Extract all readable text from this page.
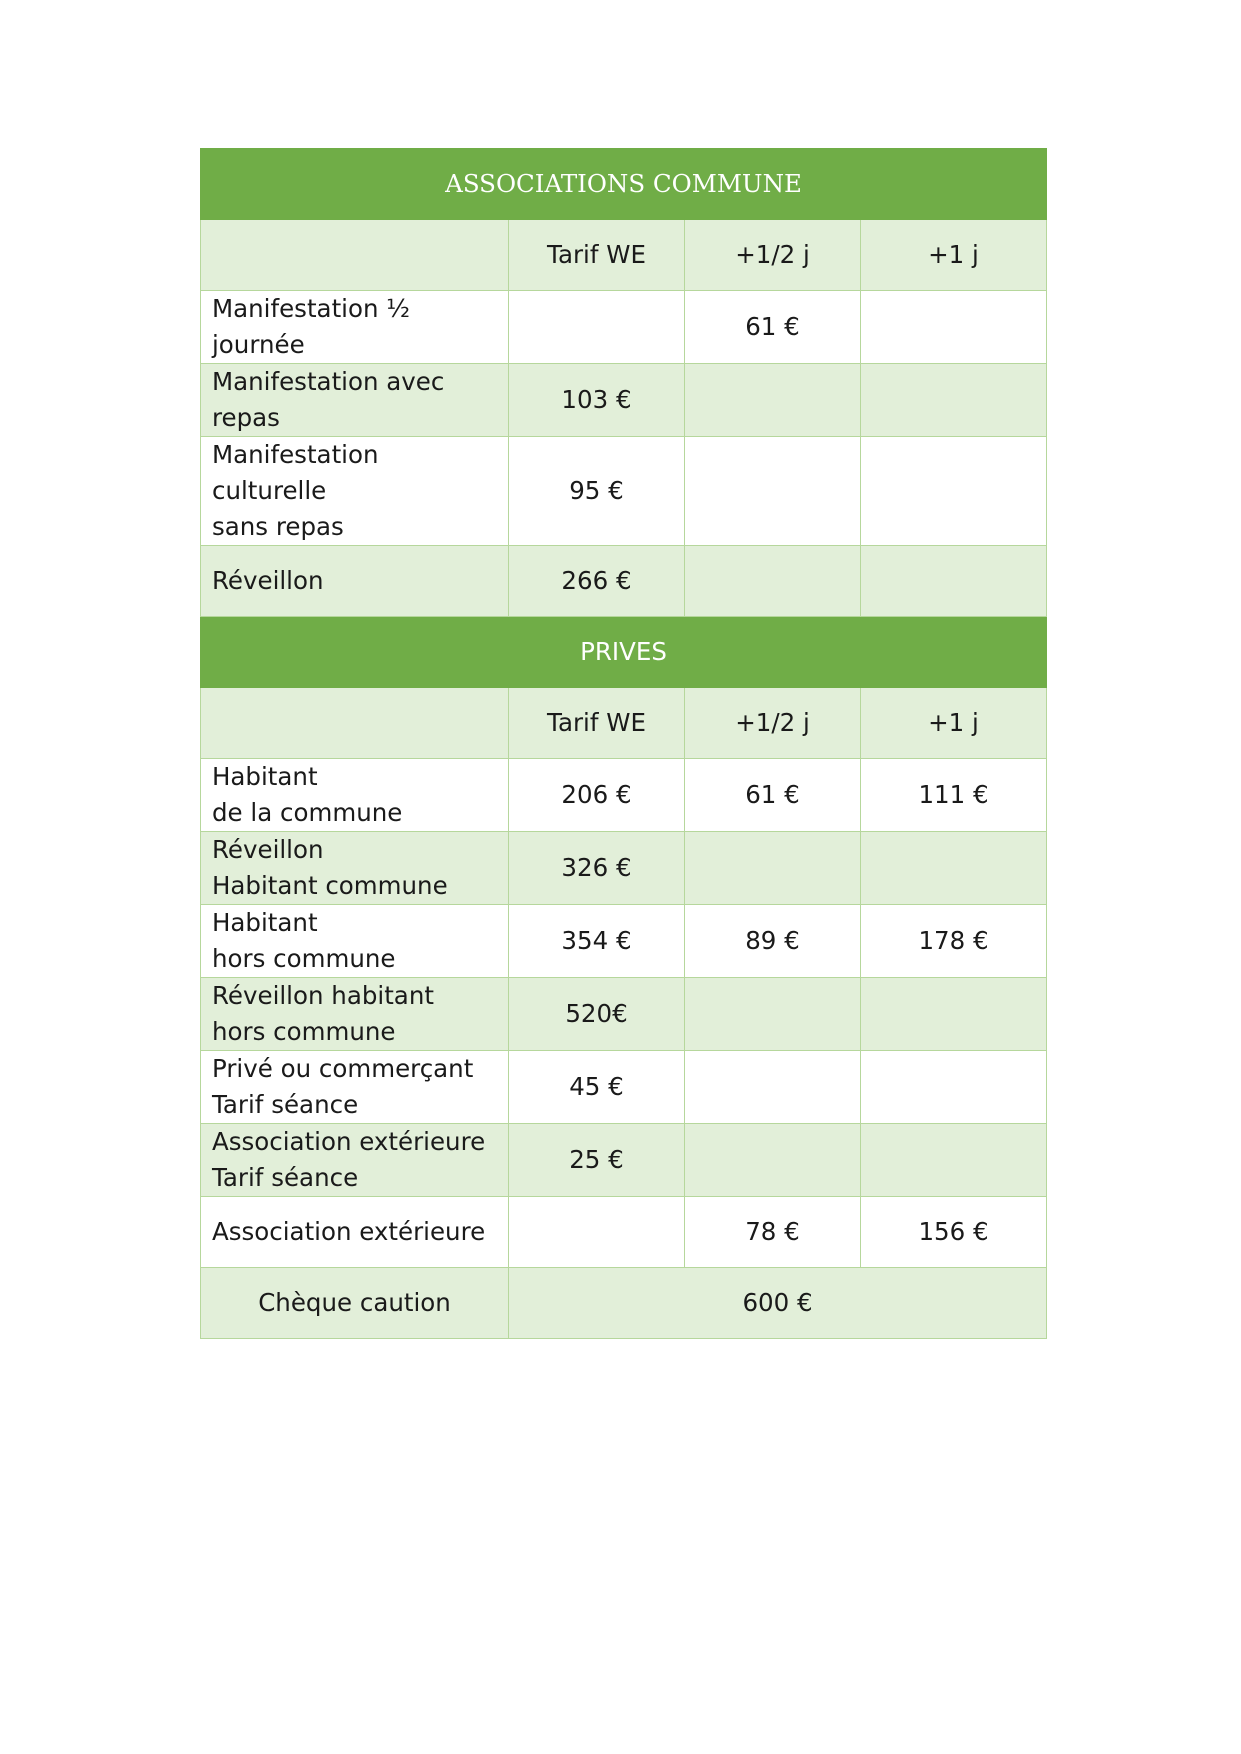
ASSOCIATIONS COMMUNE			
	Tarif WE	+1/2 j	+1 j
Manifestation ½
journée		61 €	
Manifestation avec
repas	103 €		
Manifestation culturelle
sans repas	95 €		
Réveillon	266 €		
PRIVES			
	Tarif WE	+1/2 j	+1 j
Habitant
de la commune	206 €	61 €	111 €
Réveillon
Habitant commune	326 €		
Habitant
hors commune	354 €	89 €	178 €
Réveillon habitant
hors commune	520€		
Privé ou commerçant
Tarif séance	45 €		
Association extérieure
Tarif séance	25 €		
Association extérieure		78 €	156 €
Chèque caution	600 €		
